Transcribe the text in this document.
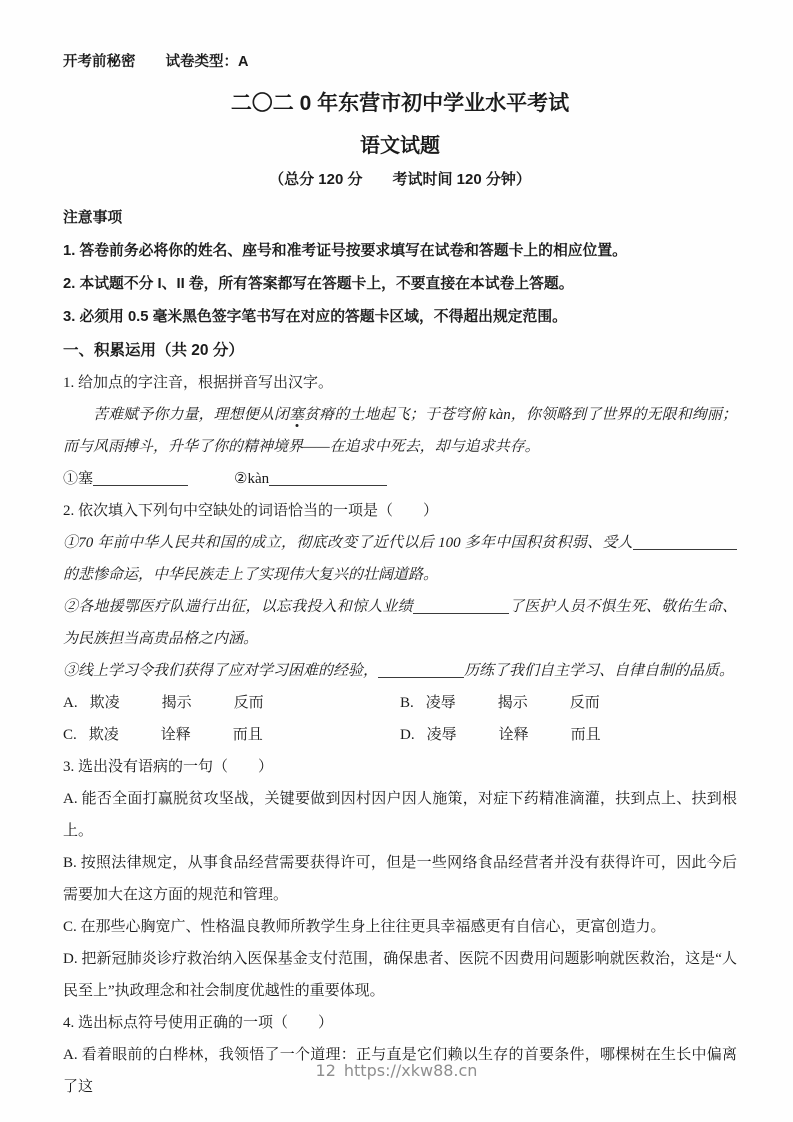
开考前秘密 试卷类型：A
二〇二 0 年东营市初中学业水平考试
语文试题
（总分 120 分　　考试时间 120 分钟）

注意事项

1. 答卷前务必将你的姓名、座号和准考证号按要求填写在试卷和答题卡上的相应位置。

2. 本试题不分 I、II 卷，所有答案都写在答题卡上，不要直接在本试卷上答题。

3. 必须用 0.5 毫米黑色签字笔书写在对应的答题卡区域，不得超出规定范围。

一、积累运用（共 20 分）

1. 给加点的字注音，根据拼音写出汉字。

苦难赋予你力量，理想便从闭塞贫瘠的土地起飞；于苍穹俯 kàn，你领略到了世界的无限和绚丽；而与风雨搏斗，升华了你的精神境界——在追求中死去，却与追求共存。

①塞	②kàn

2. 依次填入下列句中空缺处的词语恰当的一项是（　　）

①70 年前中华人民共和国的成立，彻底改变了近代以后 100 多年中国积贫积弱、受人的悲惨命运，中华民族走上了实现伟大复兴的壮阔道路。

②各地援鄂医疗队遄行出征，以忘我投入和惊人业绩	了医护人员不惧生死、敬佑生命、为民族担当高贵品格之内涵。

③线上学习令我们获得了应对学习困难的经验，	历练了我们自主学习、自律自制的品质。

A. 欺凌	揭示	反而	B. 凌辱	揭示	反而
C. 欺凌	诠释	而且	D. 凌辱	诠释	而且

3. 选出没有语病的一句（　　）

A. 能否全面打赢脱贫攻坚战，关键要做到因村因户因人施策，对症下药精准滴灌，扶到点上、扶到根上。

B. 按照法律规定，从事食品经营需要获得许可，但是一些网络食品经营者并没有获得许可，因此今后需要加大在这方面的规范和管理。

C. 在那些心胸宽广、性格温良教师所教学生身上往往更具幸福感更有自信心，更富创造力。

D. 把新冠肺炎诊疗救治纳入医保基金支付范围，确保患者、医院不因费用问题影响就医救治，这是“人民至上”执政理念和社会制度优越性的重要体现。

4. 选出标点符号使用正确的一项（　　）

A. 看着眼前的白桦林，我领悟了一个道理：正与直是它们赖以生存的首要条件，哪棵树在生长中偏离了这

12 https://xkw88.cn
